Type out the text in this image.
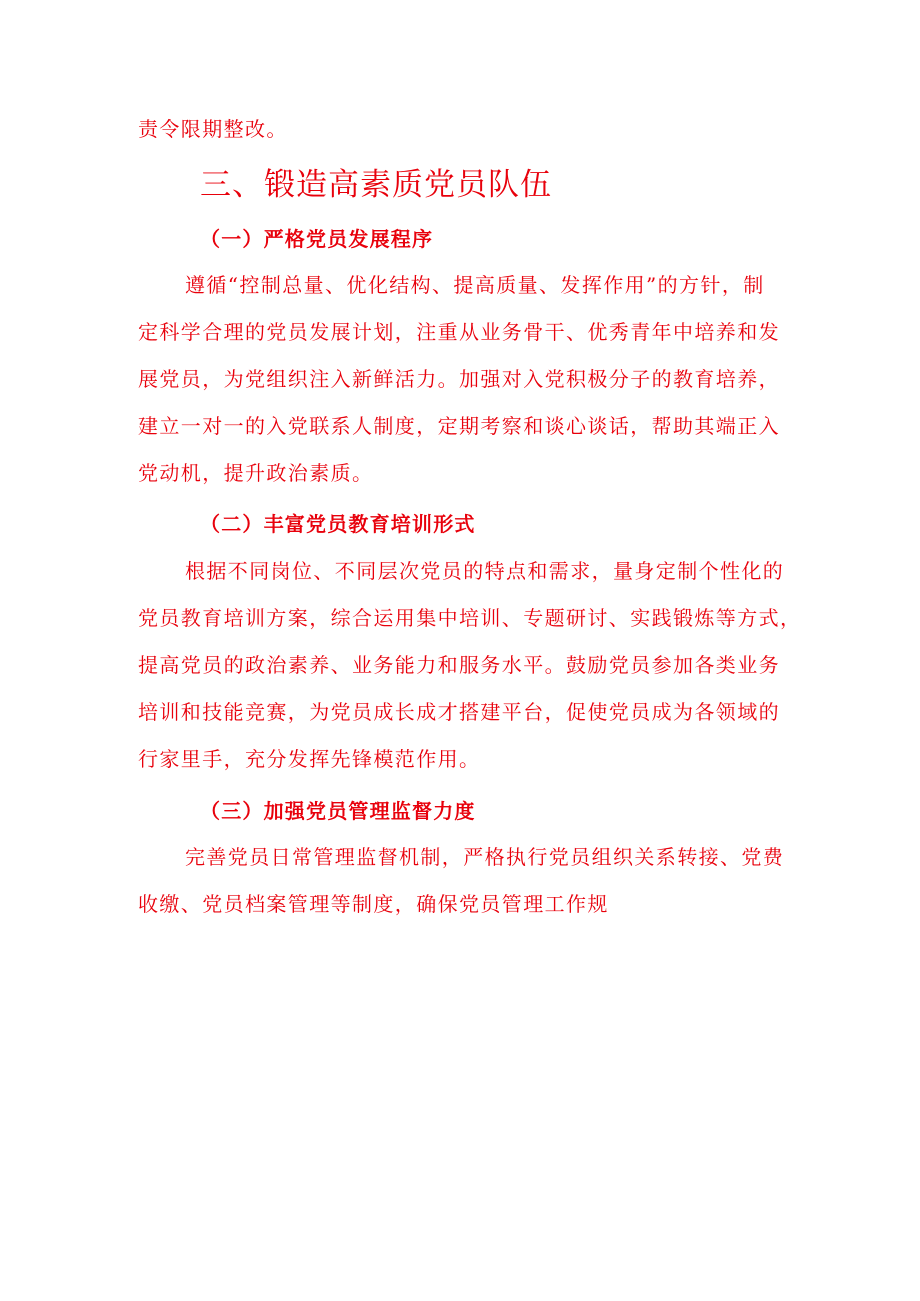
责令限期整改。
三、锻造高素质党员队伍
（一）严格党员发展程序
遵循“控制总量、优化结构、提高质量、发挥作用”的方针，制
定科学合理的党员发展计划，注重从业务骨干、优秀青年中培养和发
展党员，为党组织注入新鲜活力。加强对入党积极分子的教育培养，
建立一对一的入党联系人制度，定期考察和谈心谈话，帮助其端正入
党动机，提升政治素质。
（二）丰富党员教育培训形式
根据不同岗位、不同层次党员的特点和需求，量身定制个性化的
党员教育培训方案，综合运用集中培训、专题研讨、实践锻炼等方式，
提高党员的政治素养、业务能力和服务水平。鼓励党员参加各类业务
培训和技能竞赛，为党员成长成才搭建平台，促使党员成为各领域的
行家里手，充分发挥先锋模范作用。
（三）加强党员管理监督力度
完善党员日常管理监督机制，严格执行党员组织关系转接、党费
收缴、党员档案管理等制度，确保党员管理工作规
